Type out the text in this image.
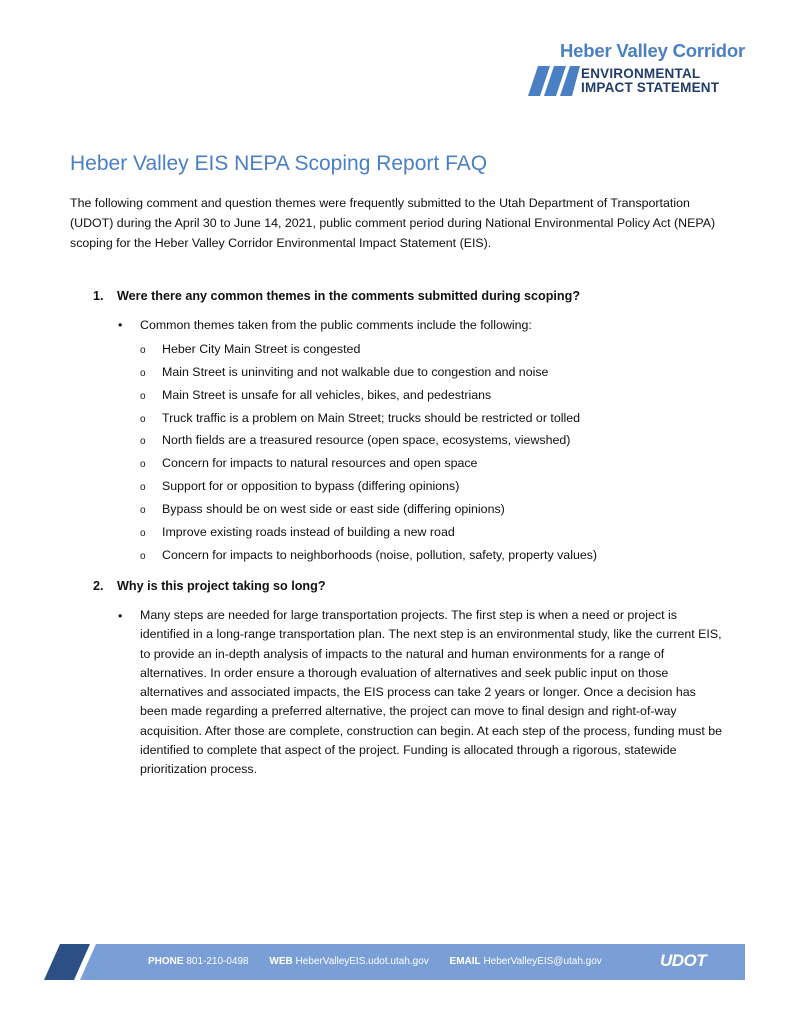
Heber Valley Corridor
ENVIRONMENTAL
IMPACT STATEMENT
Heber Valley EIS NEPA Scoping Report FAQ

The following comment and question themes were frequently submitted to the Utah Department of Transportation (UDOT) during the April 30 to June 14, 2021, public comment period during National Environmental Policy Act (NEPA) scoping for the Heber Valley Corridor Environmental Impact Statement (EIS).

1. Were there any common themes in the comments submitted during scoping?
• Common themes taken from the public comments include the following:

o Heber City Main Street is congested
o Main Street is uninviting and not walkable due to congestion and noise
o Main Street is unsafe for all vehicles, bikes, and pedestrians
o Truck traffic is a problem on Main Street; trucks should be restricted or tolled
o North fields are a treasured resource (open space, ecosystems, viewshed)
o Concern for impacts to natural resources and open space
o Support for or opposition to bypass (differing opinions)
o Bypass should be on west side or east side (differing opinions)
o Improve existing roads instead of building a new road
o Concern for impacts to neighborhoods (noise, pollution, safety, property values)
2. Why is this project taking so long?
• Many steps are needed for large transportation projects. The first step is when a need or project is identified in a long-range transportation plan. The next step is an environmental study, like the current EIS, to provide an in-depth analysis of impacts to the natural and human environments for a range of alternatives. In order ensure a thorough evaluation of alternatives and seek public input on those alternatives and associated impacts, the EIS process can take 2 years or longer. Once a decision has been made regarding a preferred alternative, the project can move to final design and right-of-way acquisition. After those are complete, construction can begin. At each step of the process, funding must be identified to complete that aspect of the project. Funding is allocated through a rigorous, statewide prioritization process.

PHONE 801-210-0498 WEB HeberValleyEIS.udot.utah.gov EMAIL HeberValleyEIS@utah.gov	UDOT
